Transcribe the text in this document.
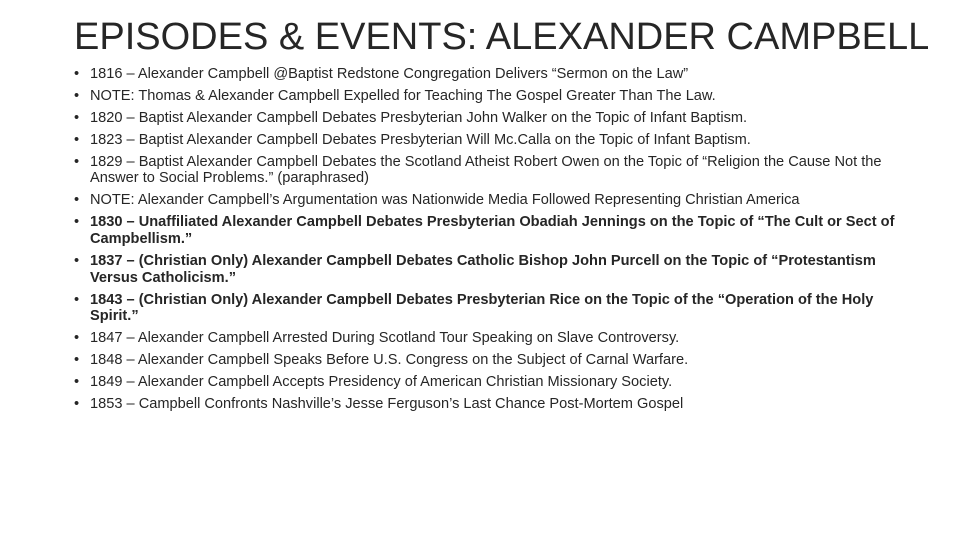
EPISODES & EVENTS: ALEXANDER CAMPBELL
• 1816 – Alexander Campbell @Baptist Redstone Congregation Delivers “Sermon on the Law”
• NOTE: Thomas & Alexander Campbell Expelled for Teaching The Gospel Greater Than The Law.
• 1820 – Baptist Alexander Campbell Debates Presbyterian John Walker on the Topic of Infant Baptism.
• 1823 – Baptist Alexander Campbell Debates Presbyterian Will Mc.Calla on the Topic of Infant Baptism.
• 1829 – Baptist Alexander Campbell Debates the Scotland Atheist Robert Owen on the Topic of “Religion the Cause Not the Answer to Social Problems.” (paraphrased)
• NOTE: Alexander Campbell’s Argumentation was Nationwide Media Followed Representing Christian America
• 1830 – Unaffiliated Alexander Campbell Debates Presbyterian Obadiah Jennings on the Topic of “The Cult or Sect of Campbellism.”
• 1837 – (Christian Only) Alexander Campbell Debates Catholic Bishop John Purcell on the Topic of “Protestantism Versus Catholicism.”
• 1843 – (Christian Only) Alexander Campbell Debates Presbyterian Rice on the Topic of the “Operation of the Holy Spirit.”
• 1847 – Alexander Campbell Arrested During Scotland Tour Speaking on Slave Controversy.
• 1848 – Alexander Campbell Speaks Before U.S. Congress on the Subject of Carnal Warfare.
• 1849 – Alexander Campbell Accepts Presidency of American Christian Missionary Society.
• 1853 – Campbell Confronts Nashville’s Jesse Ferguson’s Last Chance Post-Mortem Gospel
